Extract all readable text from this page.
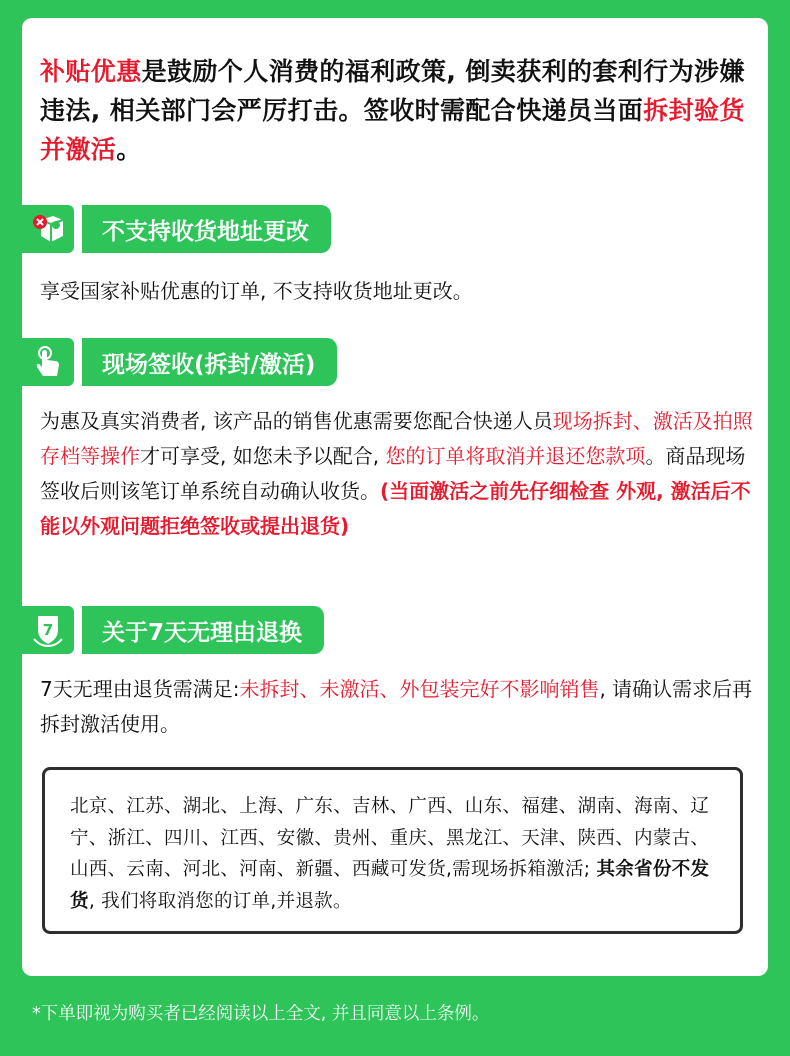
补贴优惠是鼓励个人消费的福利政策, 倒卖获利的套利行为涉嫌违法, 相关部门会严厉打击。签收时需配合快递员当面拆封验货并激活。
不支持收货地址更改
享受国家补贴优惠的订单, 不支持收货地址更改。
现场签收(拆封/激活)
为惠及真实消费者, 该产品的销售优惠需要您配合快递人员现场拆封、激活及拍照存档等操作才可享受, 如您未予以配合, 您的订单将取消并退还您款项。商品现场签收后则该笔订单系统自动确认收货。(当面激活之前先仔细检查 外观, 激活后不能以外观问题拒绝签收或提出退货)
7	关于7天无理由退换
7天无理由退货需满足:未拆封、未激活、外包装完好不影响销售, 请确认需求后再拆封激活使用。
北京、江苏、湖北、上海、广东、吉林、广西、山东、福建、湖南、海南、辽宁、浙江、四川、江西、安徽、贵州、重庆、黑龙江、天津、陕西、内蒙古、山西、云南、河北、河南、新疆、西藏可发货,需现场拆箱激活; 其余省份不发货, 我们将取消您的订单,并退款。
*下单即视为购买者已经阅读以上全文, 并且同意以上条例。
